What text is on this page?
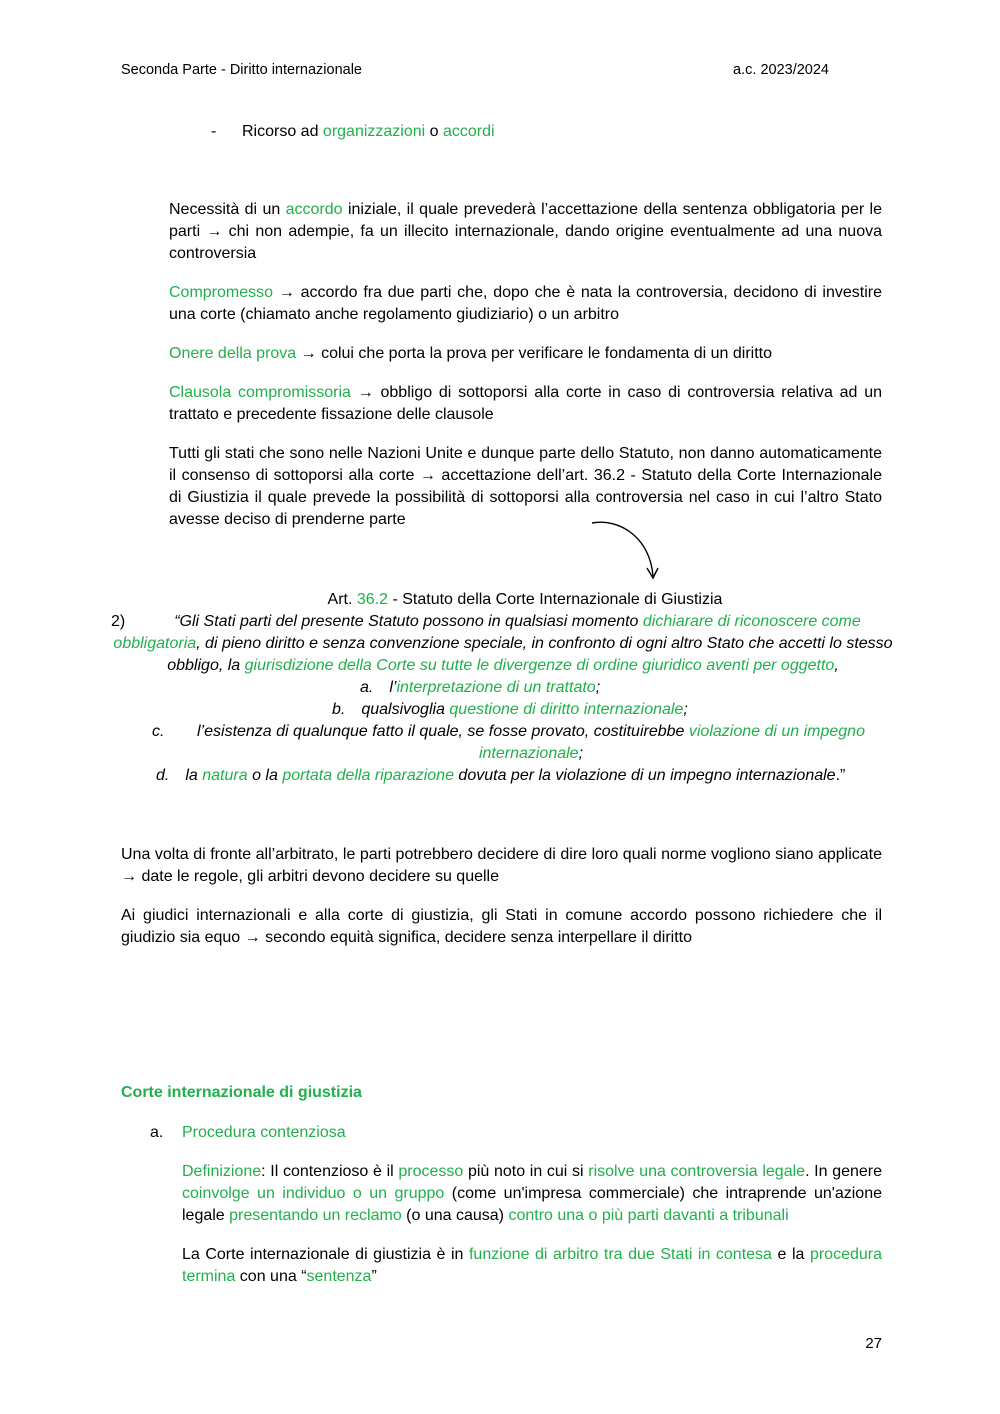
Seconda Parte - Diritto internazionale	a.c. 2023/2024
- Ricorso ad organizzazioni o accordi
Necessità di un accordo iniziale, il quale prevederà l’accettazione della sentenza obbligatoria per le parti → chi non adempie, fa un illecito internazionale, dando origine eventualmente ad una nuova controversia
Compromesso → accordo fra due parti che, dopo che è nata la controversia, decidono di investire una corte (chiamato anche regolamento giudiziario) o un arbitro
Onere della prova → colui che porta la prova per verificare le fondamenta di un diritto
Clausola compromissoria → obbligo di sottoporsi alla corte in caso di controversia relativa ad un trattato e precedente fissazione delle clausole
Tutti gli stati che sono nelle Nazioni Unite e dunque parte dello Statuto, non danno automaticamente il consenso di sottoporsi alla corte → accettazione dell’art. 36.2 - Statuto della Corte Internazionale di Giustizia il quale prevede la possibilità di sottoporsi alla controversia nel caso in cui l’altro Stato avesse deciso di prenderne parte
Art. 36.2 - Statuto della Corte Internazionale di Giustizia
2)	“Gli Stati parti del presente Statuto possono in qualsiasi momento dichiarare di riconoscere come obbligatoria, di pieno diritto e senza convenzione speciale, in confronto di ogni altro Stato che accetti lo stesso obbligo, la giurisdizione della Corte su tutte le divergenze di ordine giuridico aventi per oggetto,
a. l’interpretazione di un trattato;
b. qualsivoglia questione di diritto internazionale;
c.	l’esistenza di qualunque fatto il quale, se fosse provato, costituirebbe violazione di un impegno internazionale;
d. la natura o la portata della riparazione dovuta per la violazione di un impegno internazionale.”
Una volta di fronte all’arbitrato, le parti potrebbero decidere di dire loro quali norme vogliono siano applicate → date le regole, gli arbitri devono decidere su quelle
Ai giudici internazionali e alla corte di giustizia, gli Stati in comune accordo possono richiedere che il giudizio sia equo → secondo equità significa, decidere senza interpellare il diritto
Corte internazionale di giustizia
a. Procedura contenziosa
Definizione: Il contenzioso è il processo più noto in cui si risolve una controversia legale. In genere coinvolge un individuo o un gruppo (come un'impresa commerciale) che intraprende un'azione legale presentando un reclamo (o una causa) contro una o più parti davanti a tribunali
La Corte internazionale di giustizia è in funzione di arbitro tra due Stati in contesa e la procedura termina con una “sentenza”
27
